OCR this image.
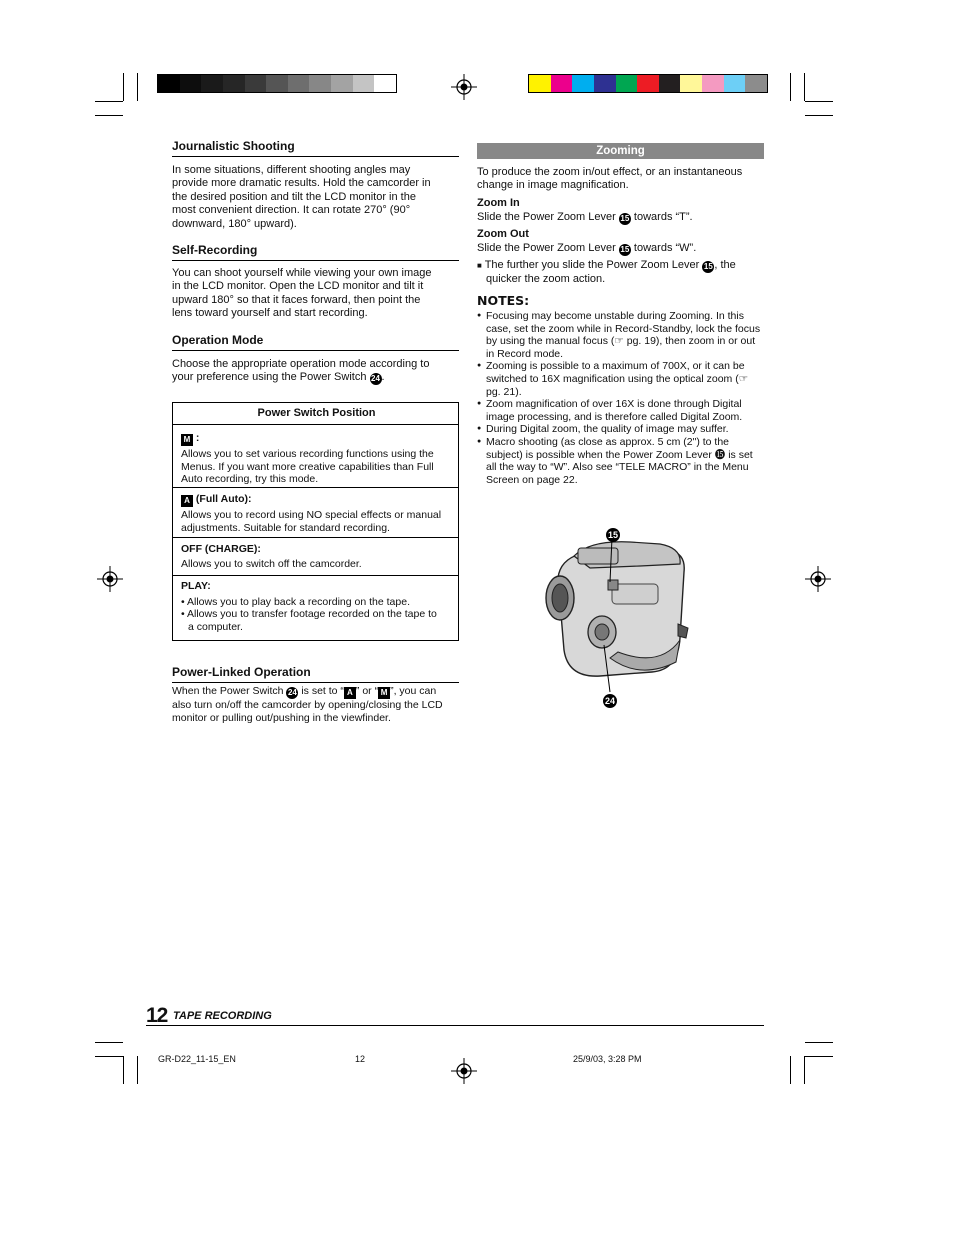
Journalistic Shooting
In some situations, different shooting angles may
provide more dramatic results. Hold the camcorder in
the desired position and tilt the LCD monitor in the
most convenient direction. It can rotate 270° (90°
downward, 180° upward).
Self-Recording
You can shoot yourself while viewing your own image
in the LCD monitor. Open the LCD monitor and tilt it
upward 180° so that it faces forward, then point the
lens toward yourself and start recording.
Operation Mode
Choose the appropriate operation mode according to
your preference using the Power Switch 24 .
Power Switch Position
M :
Allows you to set various recording functions using the
Menus. If you want more creative capabilities than Full
Auto recording, try this mode.
A (Full Auto):
Allows you to record using NO special effects or manual
adjustments. Suitable for standard recording.
OFF (CHARGE):
Allows you to switch off the camcorder.
PLAY:
• Allows you to play back a recording on the tape.
• Allows you to transfer footage recorded on the tape to
a computer.
Power-Linked Operation
When the Power Switch 24 is set to “ A ” or “ M ”, you can
also turn on/off the camcorder by opening/closing the LCD
monitor or pulling out/pushing in the viewfinder.
Zooming
To produce the zoom in/out effect, or an instantaneous
change in image magnification.
Zoom In
Slide the Power Zoom Lever 15 towards “T”.
Zoom Out
Slide the Power Zoom Lever 15 towards “W”.
■ The further you slide the Power Zoom Lever 15 , the
quicker the zoom action.
NOTES:
● Focusing may become unstable during Zooming. In this case, set the zoom while in Record-Standby, lock the focus by using the manual focus (☞ pg. 19), then zoom in or out in Record mode.
● Zooming is possible to a maximum of 700X, or it can be switched to 16X magnification using the optical zoom (☞ pg. 21).
● Zoom magnification of over 16X is done through Digital image processing, and is therefore called Digital Zoom.
● During Digital zoom, the quality of image may suffer.
● Macro shooting (as close as approx. 5 cm (2") to the subject) is possible when the Power Zoom Lever ⓯ is set all the way to “W”. Also see “TELE MACRO” in the Menu Screen on page 22.
15
24
12 TAPE RECORDING
GR-D22_11-15_EN	12	25/9/03, 3:28 PM
